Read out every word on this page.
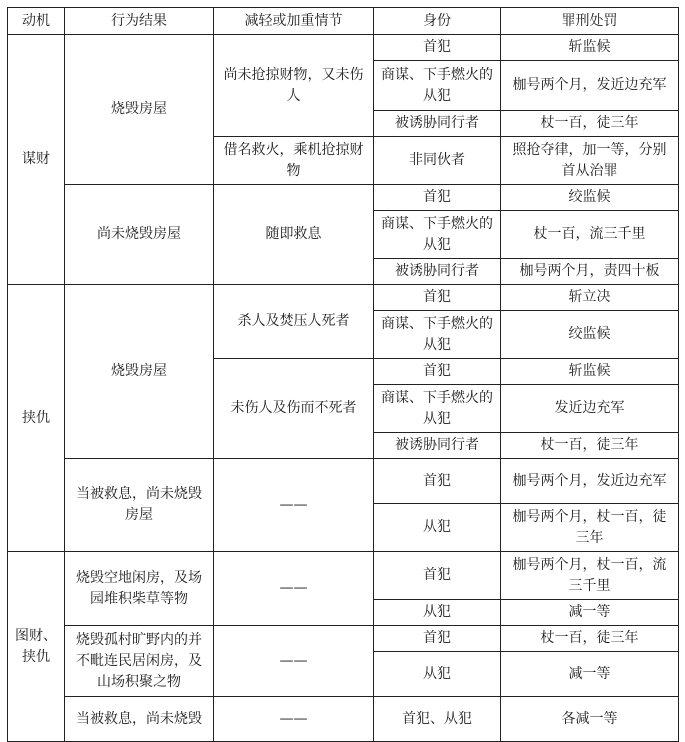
动机	行为结果	减轻或加重情节	身份	罪刑处罚
谋财	烧毁房屋	尚未抢掠财物，又未伤人	首犯	斩监候
			商谋、下手燃火的从犯	枷号两个月，发近边充军
			被诱胁同行者	杖一百，徒三年
		借名救火，乘机抢掠财物	非同伙者	照抢夺律，加一等，分别首从治罪
	尚未烧毁房屋	随即救息	首犯	绞监候
			商谋、下手燃火的从犯	杖一百，流三千里
			被诱胁同行者	枷号两个月，责四十板
挟仇	烧毁房屋	杀人及焚压人死者	首犯	斩立决
			商谋、下手燃火的从犯	绞监候
		未伤人及伤而不死者	首犯	斩监候
			商谋、下手燃火的从犯	发近边充军
			被诱胁同行者	杖一百，徒三年
	当被救息，尚未烧毁房屋	——	首犯	枷号两个月，发近边充军
			从犯	枷号两个月，杖一百，徒三年
图财、挟仇	烧毁空地闲房，及场园堆积柴草等物	——	首犯	枷号两个月，杖一百，流三千里
			从犯	减一等
	烧毁孤村旷野内的并不毗连民居闲房，及山场积聚之物	——	首犯	杖一百，徒三年
			从犯	减一等
	当被救息，尚未烧毁	——	首犯、从犯	各减一等
